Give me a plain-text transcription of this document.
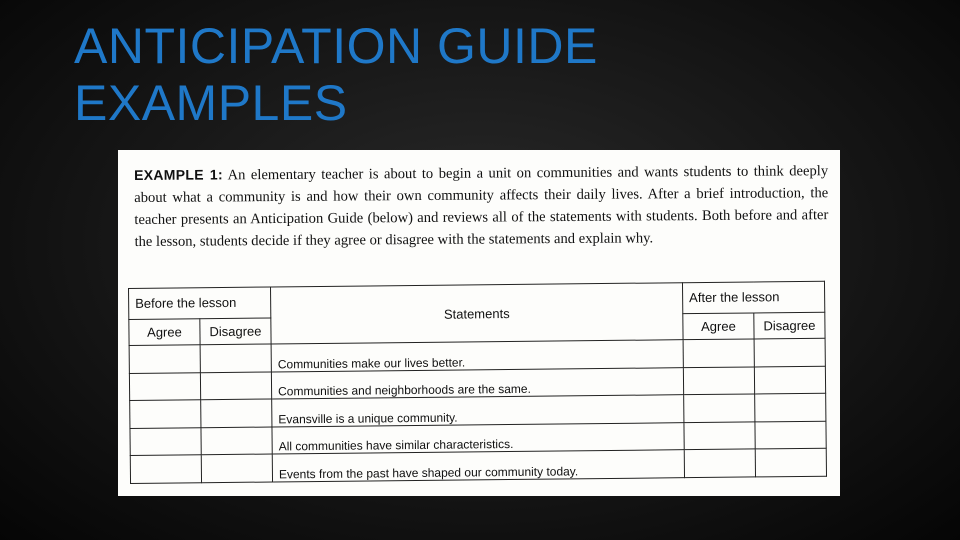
ANTICIPATION GUIDE
EXAMPLES

EXAMPLE 1: An elementary teacher is about to begin a unit on communities and wants students to think deeply about what a community is and how their own community affects their daily lives. After a brief introduction, the teacher presents an Anticipation Guide (below) and reviews all of the statements with students. Both before and after the lesson, students decide if they agree or disagree with the statements and explain why.

Before the lesson		Statements	After the lesson	
Agree	Disagree		Agree	Disagree
		Communities make our lives better.		
		Communities and neighborhoods are the same.		
		Evansville is a unique community.		
		All communities have similar characteristics.		
		Events from the past have shaped our community today.		
